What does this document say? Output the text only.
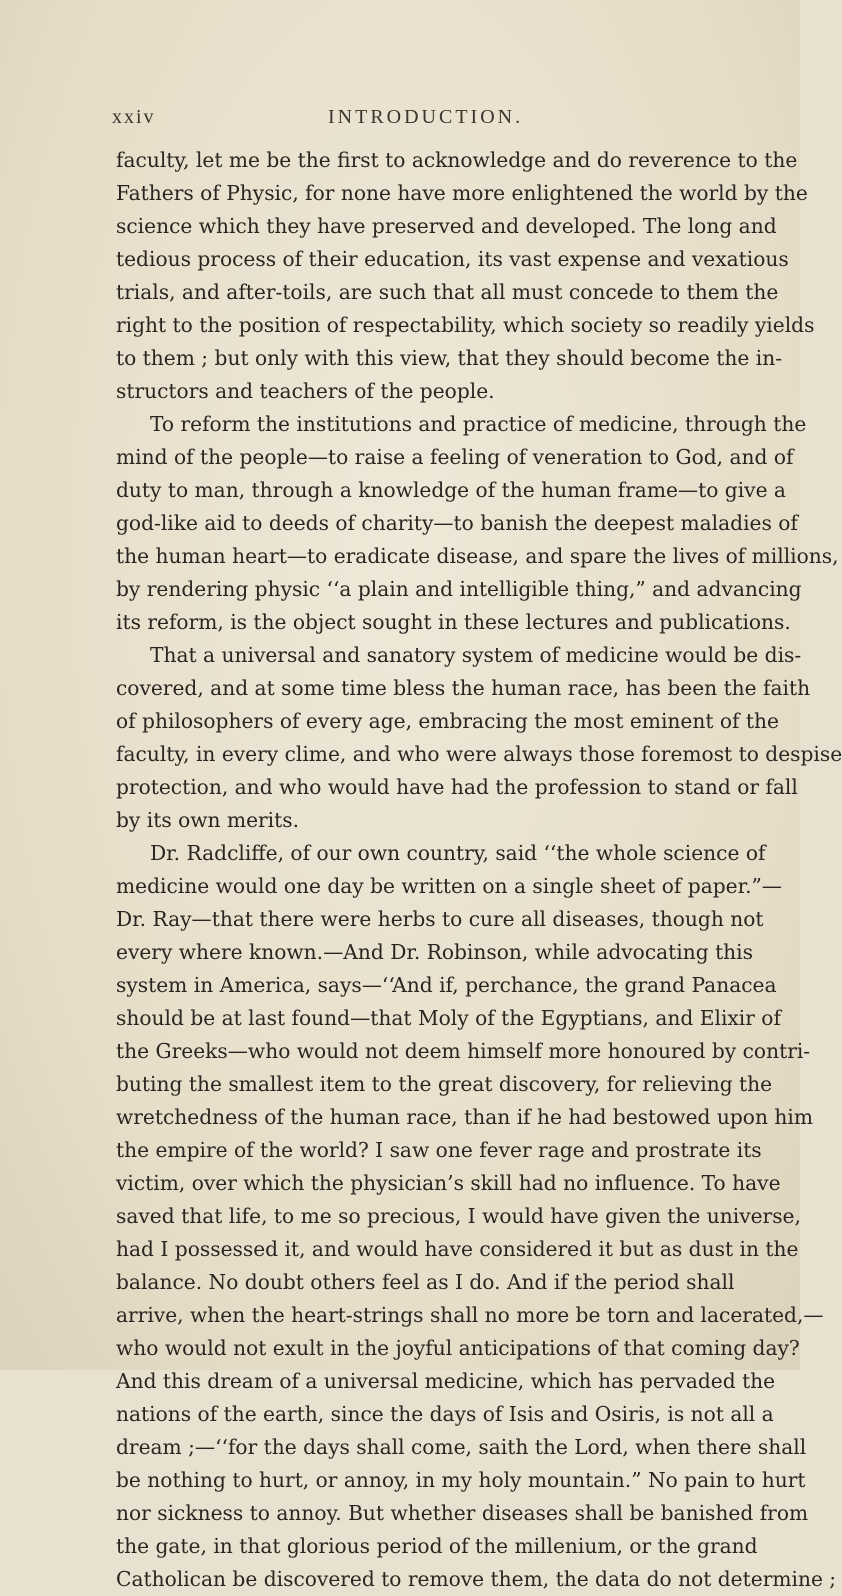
xxiv	INTRODUCTION.
faculty, let me be the first to acknowledge and do reverence to the
Fathers of Physic, for none have more enlightened the world by the
science which they have preserved and developed. The long and
tedious process of their education, its vast expense and vexatious
trials, and after-toils, are such that all must concede to them the
right to the position of respectability, which society so readily yields
to them ; but only with this view, that they should become the in-
structors and teachers of the people.
To reform the institutions and practice of medicine, through the
mind of the people—to raise a feeling of veneration to God, and of
duty to man, through a knowledge of the human frame—to give a
god-like aid to deeds of charity—to banish the deepest maladies of
the human heart—to eradicate disease, and spare the lives of millions,
by rendering physic ‘‘a plain and intelligible thing,” and advancing
its reform, is the object sought in these lectures and publications.
That a universal and sanatory system of medicine would be dis-
covered, and at some time bless the human race, has been the faith
of philosophers of every age, embracing the most eminent of the
faculty, in every clime, and who were always those foremost to despise
protection, and who would have had the profession to stand or fall
by its own merits.
Dr. Radcliffe, of our own country, said ‘‘the whole science of
medicine would one day be written on a single sheet of paper.”—
Dr. Ray—that there were herbs to cure all diseases, though not
every where known.—And Dr. Robinson, while advocating this
system in America, says—‘‘And if, perchance, the grand Panacea
should be at last found—that Moly of the Egyptians, and Elixir of
the Greeks—who would not deem himself more honoured by contri-
buting the smallest item to the great discovery, for relieving the
wretchedness of the human race, than if he had bestowed upon him
the empire of the world? I saw one fever rage and prostrate its
victim, over which the physician’s skill had no influence. To have
saved that life, to me so precious, I would have given the universe,
had I possessed it, and would have considered it but as dust in the
balance. No doubt others feel as I do. And if the period shall
arrive, when the heart-strings shall no more be torn and lacerated,—
who would not exult in the joyful anticipations of that coming day?
And this dream of a universal medicine, which has pervaded the
nations of the earth, since the days of Isis and Osiris, is not all a
dream ;—‘‘for the days shall come, saith the Lord, when there shall
be nothing to hurt, or annoy, in my holy mountain.” No pain to hurt
nor sickness to annoy. But whether diseases shall be banished from
the gate, in that glorious period of the millenium, or the grand
Catholican be discovered to remove them, the data do not determine ;
